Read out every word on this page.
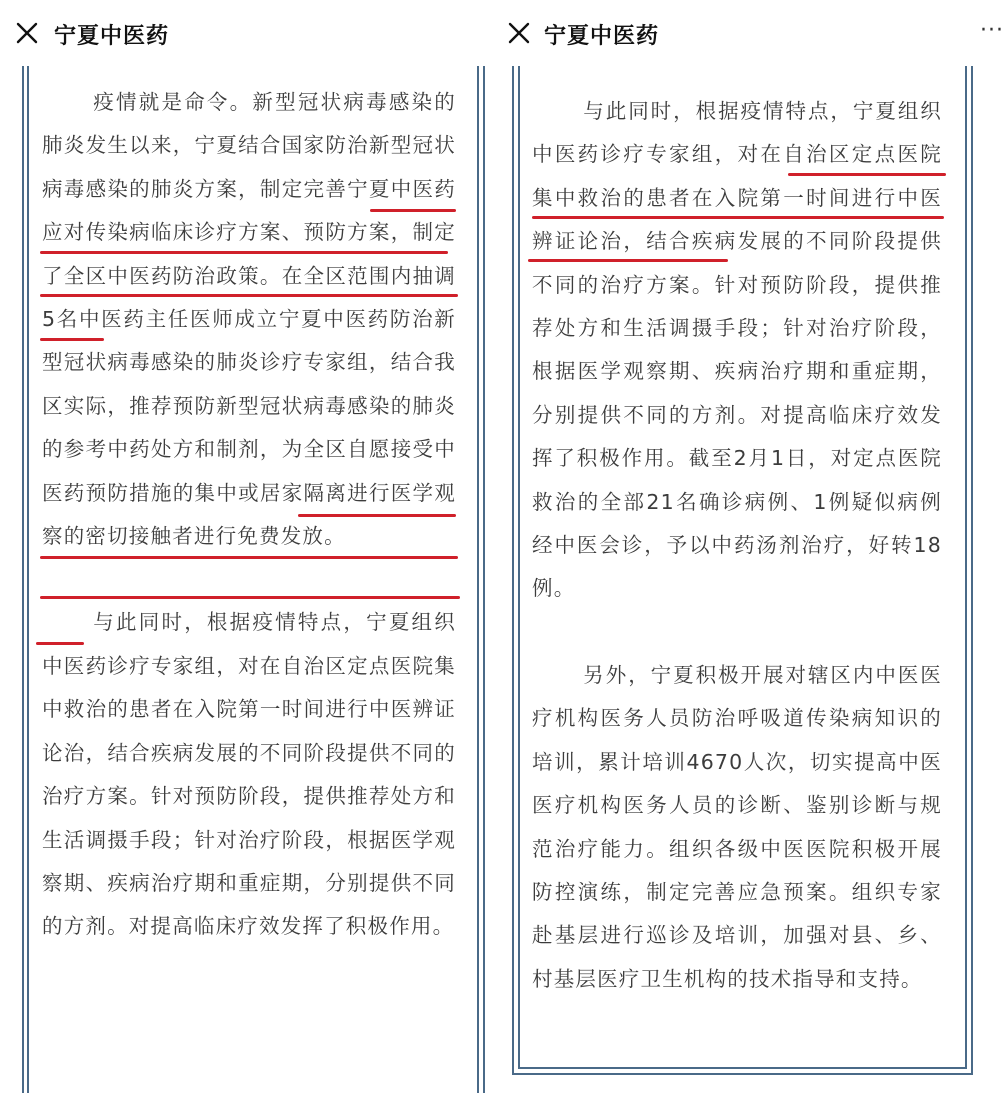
宁夏中医药

疫情就是命令。新型冠状病毒感染的肺炎发生以来，宁夏结合国家防治新型冠状病毒感染的肺炎方案，制定完善宁夏中医药应对传染病临床诊疗方案、预防方案，制定了全区中医药防治政策。在全区范围内抽调5名中医药主任医师成立宁夏中医药防治新型冠状病毒感染的肺炎诊疗专家组，结合我区实际，推荐预防新型冠状病毒感染的肺炎的参考中药处方和制剂，为全区自愿接受中医药预防措施的集中或居家隔离进行医学观察的密切接触者进行免费发放。

与此同时，根据疫情特点，宁夏组织中医药诊疗专家组，对在自治区定点医院集中救治的患者在入院第一时间进行中医辨证论治，结合疾病发展的不同阶段提供不同的治疗方案。针对预防阶段，提供推荐处方和生活调摄手段；针对治疗阶段，根据医学观察期、疾病治疗期和重症期，分别提供不同的方剂。对提高临床疗效发挥了积极作用。

宁夏中医药	···

与此同时，根据疫情特点，宁夏组织中医药诊疗专家组，对在自治区定点医院集中救治的患者在入院第一时间进行中医辨证论治，结合疾病发展的不同阶段提供不同的治疗方案。针对预防阶段，提供推荐处方和生活调摄手段；针对治疗阶段，根据医学观察期、疾病治疗期和重症期，分别提供不同的方剂。对提高临床疗效发挥了积极作用。截至2月1日，对定点医院救治的全部21名确诊病例、1例疑似病例经中医会诊，予以中药汤剂治疗，好转18例。

另外，宁夏积极开展对辖区内中医医疗机构医务人员防治呼吸道传染病知识的培训，累计培训4670人次，切实提高中医医疗机构医务人员的诊断、鉴别诊断与规范治疗能力。组织各级中医医院积极开展防控演练，制定完善应急预案。组织专家赴基层进行巡诊及培训，加强对县、乡、村基层医疗卫生机构的技术指导和支持。
